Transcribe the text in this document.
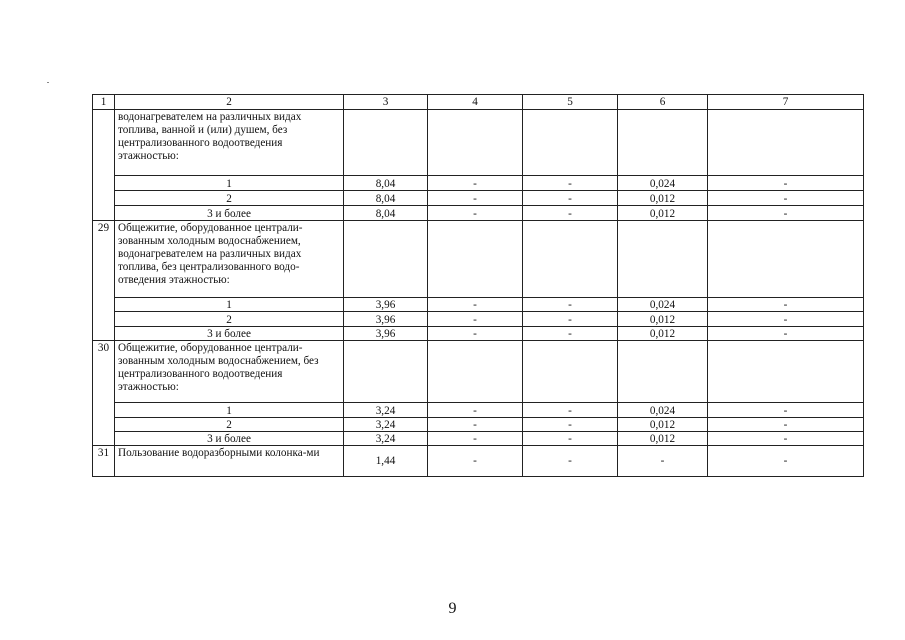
1	2	3	4	5	6	7
	водонагревателем на различных видах топлива, ванной и (или) душем, без централизованного водоотведения этажностью:					
	1	8,04	-	-	0,024	-
	2	8,04	-	-	0,012	-
	3 и более	8,04	-	-	0,012	-
29	Общежитие, оборудованное централи-зованным холодным водоснабжением, водонагревателем на различных видах топлива, без централизованного водо-отведения этажностью:					
	1	3,96	-	-	0,024	-
	2	3,96	-	-	0,012	-
	3 и более	3,96	-	-	0,012	-
30	Общежитие, оборудованное централи-зованным холодным водоснабжением, без централизованного водоотведения этажностью:					
	1	3,24	-	-	0,024	-
	2	3,24	-	-	0,012	-
	3 и более	3,24	-	-	0,012	-
31	Пользование водоразборными колонка-ми	1,44	-	-	-	-
9
